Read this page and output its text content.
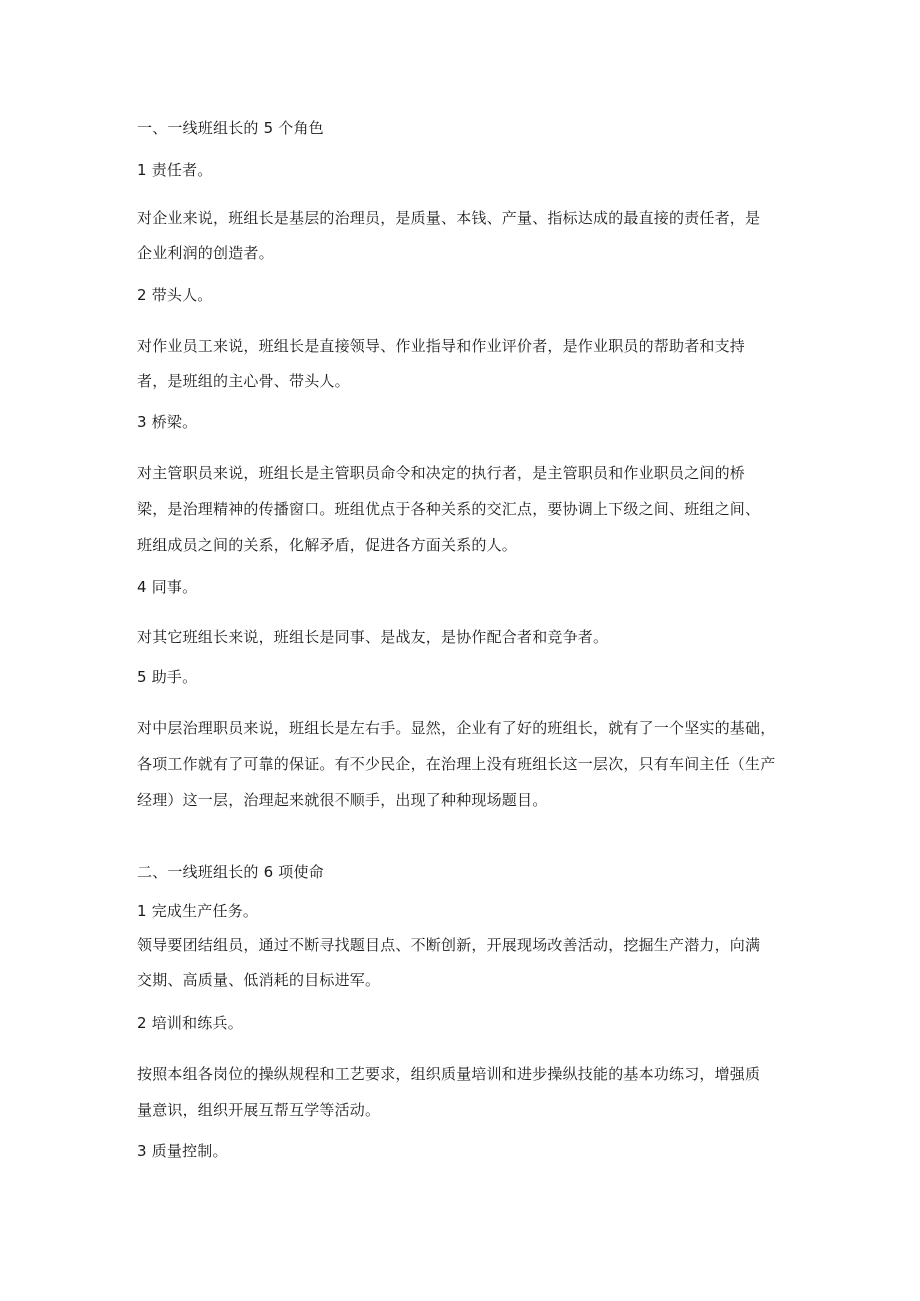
一、一线班组长的 5 个角色

1 责任者。

对企业来说，班组长是基层的治理员，是质量、本钱、产量、指标达成的最直接的责任者，是

企业利润的创造者。

2 带头人。

对作业员工来说，班组长是直接领导、作业指导和作业评价者，是作业职员的帮助者和支持

者，是班组的主心骨、带头人。

3 桥梁。

对主管职员来说，班组长是主管职员命令和决定的执行者，是主管职员和作业职员之间的桥

梁，是治理精神的传播窗口。班组优点于各种关系的交汇点，要协调上下级之间、班组之间、

班组成员之间的关系，化解矛盾，促进各方面关系的人。

4 同事。

对其它班组长来说，班组长是同事、是战友，是协作配合者和竞争者。

5 助手。

对中层治理职员来说，班组长是左右手。显然，企业有了好的班组长，就有了一个坚实的基础，

各项工作就有了可靠的保证。有不少民企，在治理上没有班组长这一层次，只有车间主任（生产

经理）这一层，治理起来就很不顺手，出现了种种现场题目。

二、一线班组长的 6 项使命

1 完成生产任务。

领导要团结组员，通过不断寻找题目点、不断创新，开展现场改善活动，挖掘生产潜力，向满

交期、高质量、低消耗的目标进军。

2 培训和练兵。

按照本组各岗位的操纵规程和工艺要求，组织质量培训和进步操纵技能的基本功练习，增强质

量意识，组织开展互帮互学等活动。

3 质量控制。
